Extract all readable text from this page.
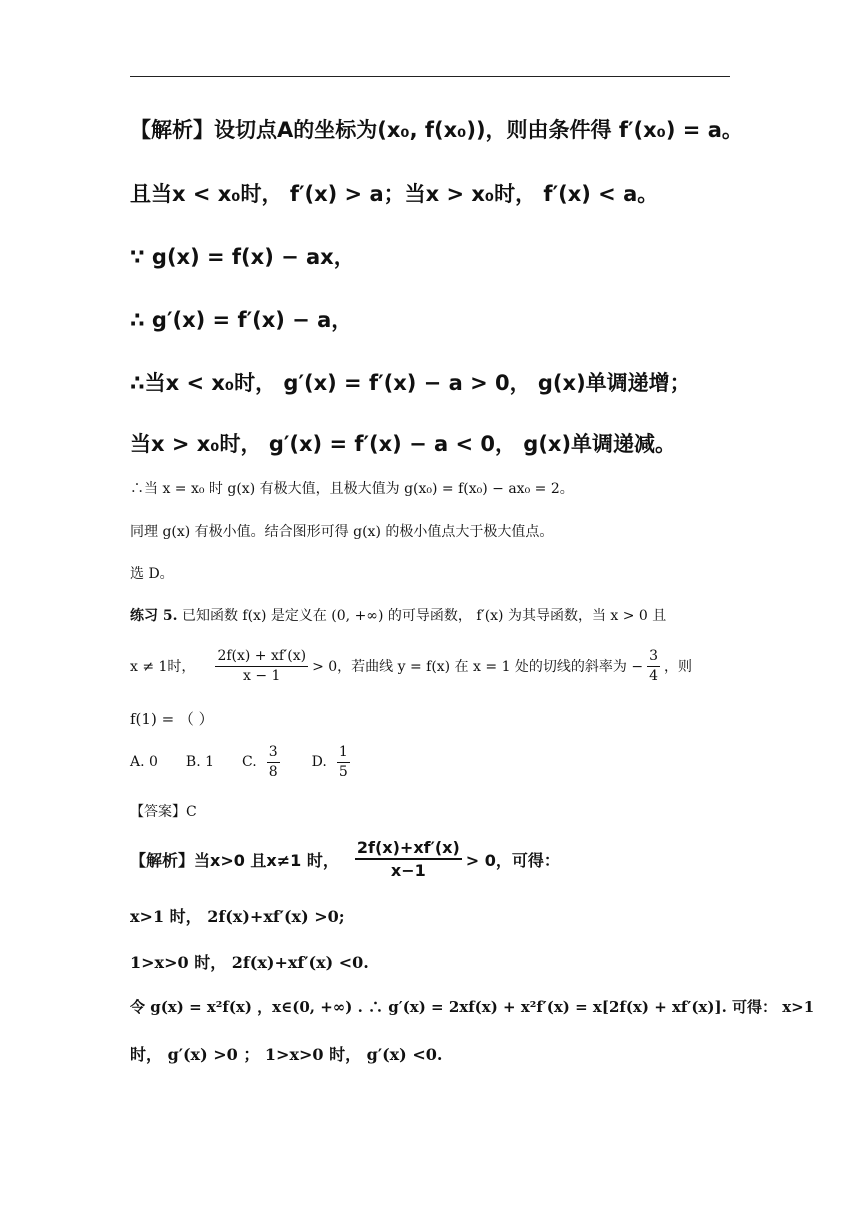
【解析】设切点A的坐标为(x₀, f(x₀))，则由条件得 f′(x₀) = a。
且当x < x₀时， f′(x) > a；当x > x₀时， f′(x) < a。
∵ g(x) = f(x) − ax，
∴ g′(x) = f′(x) − a，
∴当x < x₀时， g′(x) = f′(x) − a > 0， g(x)单调递增；
当x > x₀时， g′(x) = f′(x) − a < 0， g(x)单调递减。
∴当 x = x₀ 时 g(x) 有极大值，且极大值为 g(x₀) = f(x₀) − ax₀ = 2。
同理 g(x) 有极小值。结合图形可得 g(x) 的极小值点大于极大值点。
选 D。
练习 5. 已知函数 f(x) 是定义在 (0, +∞) 的可导函数， f′(x) 为其导函数，当 x > 0 且
x ≠ 1时， $\frac{2f(x) + xf'(x)}{x - 1} > 0$，若曲线 y = f(x) 在 x = 1 处的切线的斜率为 − $\frac{3}{4}$ ，则
f(1) = （ ）
A. 0 B. 1 C. $\frac{3}{8} D$. $\frac{1}{5}$
【答案】C
【解析】当x>0 且x≠1 时， $\frac{2f(x)+xf'(x)}{x-1} > 0$，可得：
x>1 时， 2f(x)+xf′(x) >0;
1>x>0 时， 2f(x)+xf′(x) <0.
令 g(x) = x²f(x) ，x∈(0, +∞) . ∴ g′(x) = 2xf(x) + x²f′(x) = x[2f(x) + xf′(x)]. 可得： x>1
时， g′(x) >0 ； 1>x>0 时， g′(x) <0.
